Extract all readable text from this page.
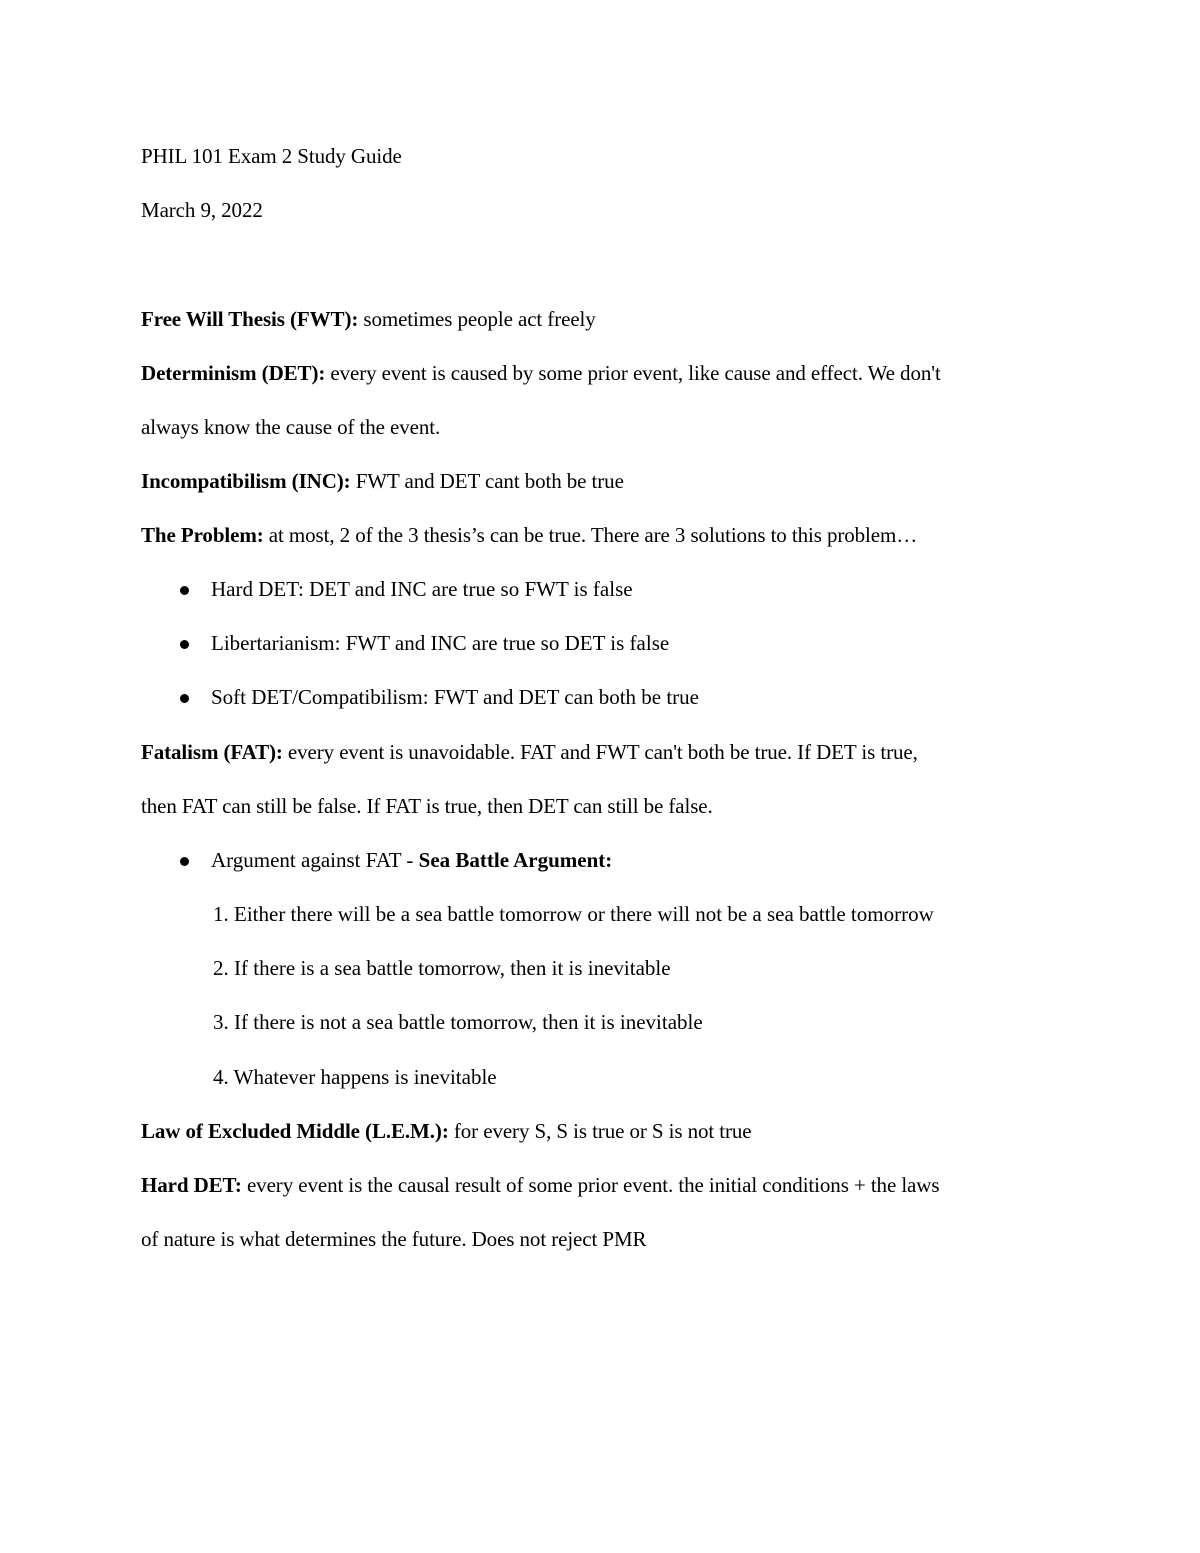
PHIL 101 Exam 2 Study Guide
March 9, 2022
Free Will Thesis (FWT): sometimes people act freely
Determinism (DET): every event is caused by some prior event, like cause and effect. We don't
always know the cause of the event.
Incompatibilism (INC): FWT and DET cant both be true
The Problem: at most, 2 of the 3 thesis’s can be true. There are 3 solutions to this problem…
Hard DET: DET and INC are true so FWT is false
Libertarianism: FWT and INC are true so DET is false
Soft DET/Compatibilism: FWT and DET can both be true
Fatalism (FAT): every event is unavoidable. FAT and FWT can't both be true. If DET is true,
then FAT can still be false. If FAT is true, then DET can still be false.
Argument against FAT - Sea Battle Argument:
1. Either there will be a sea battle tomorrow or there will not be a sea battle tomorrow
2. If there is a sea battle tomorrow, then it is inevitable
3. If there is not a sea battle tomorrow, then it is inevitable
4. Whatever happens is inevitable
Law of Excluded Middle (L.E.M.): for every S, S is true or S is not true
Hard DET: every event is the causal result of some prior event. the initial conditions + the laws
of nature is what determines the future. Does not reject PMR
